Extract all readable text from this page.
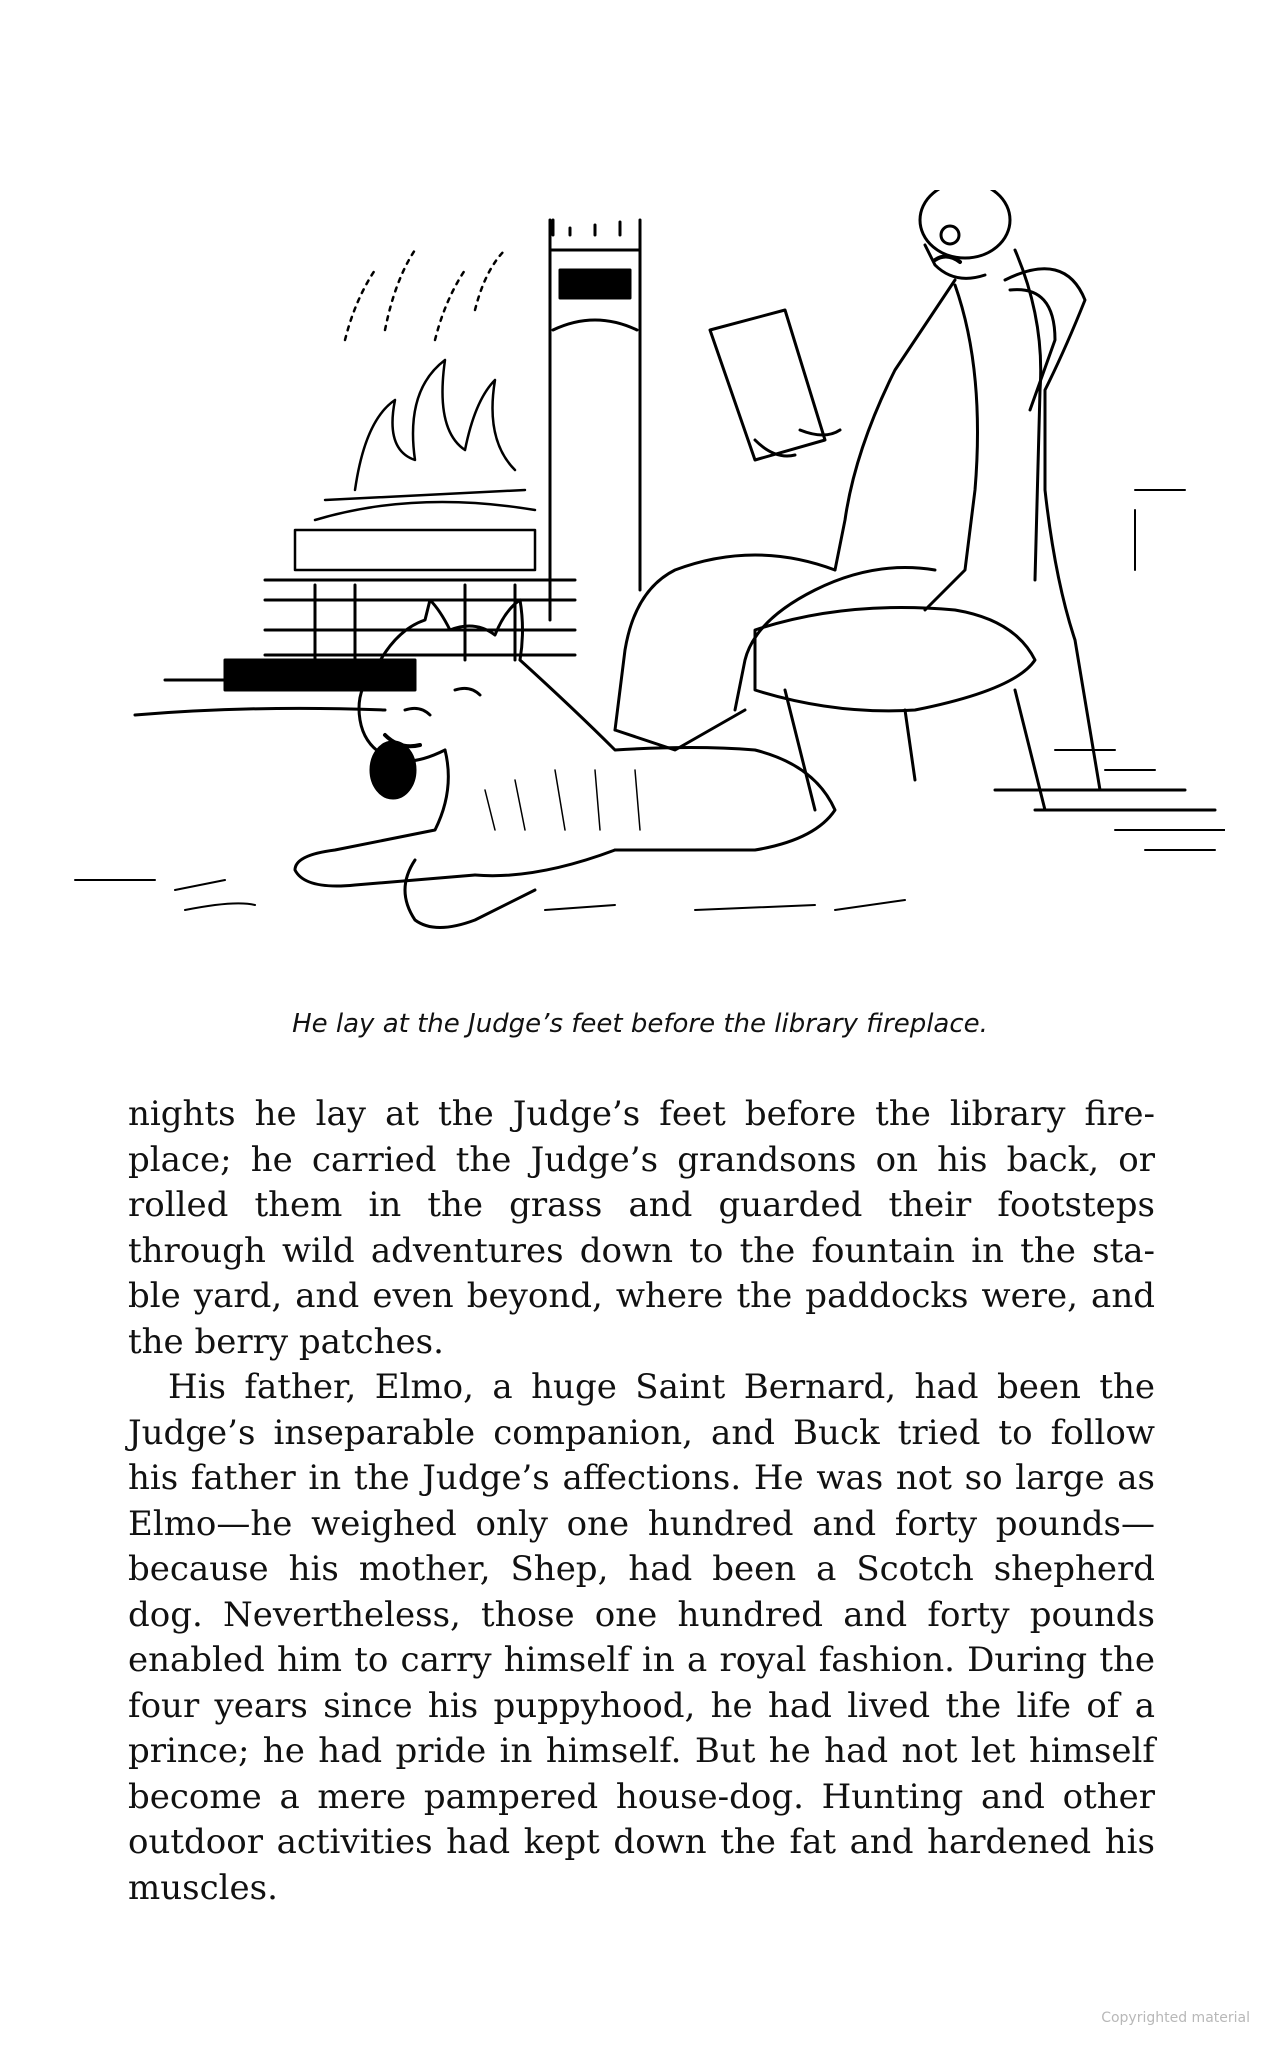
He lay at the Judge’s feet before the library fireplace.

nights he lay at the Judge’s feet before the library fire-place; he carried the Judge’s grandsons on his back, or rolled them in the grass and guarded their footsteps through wild adventures down to the fountain in the sta-ble yard, and even beyond, where the paddocks were, and the berry patches.

His father, Elmo, a huge Saint Bernard, had been the Judge’s inseparable companion, and Buck tried to follow his father in the Judge’s affections. He was not so large as Elmo—he weighed only one hundred and forty pounds—because his mother, Shep, had been a Scotch shepherd dog. Nevertheless, those one hundred and forty pounds enabled him to carry himself in a royal fashion. During the four years since his puppyhood, he had lived the life of a prince; he had pride in himself. But he had not let himself become a mere pampered house-dog. Hunting and other outdoor activities had kept down the fat and hardened his muscles.

Copyrighted material
